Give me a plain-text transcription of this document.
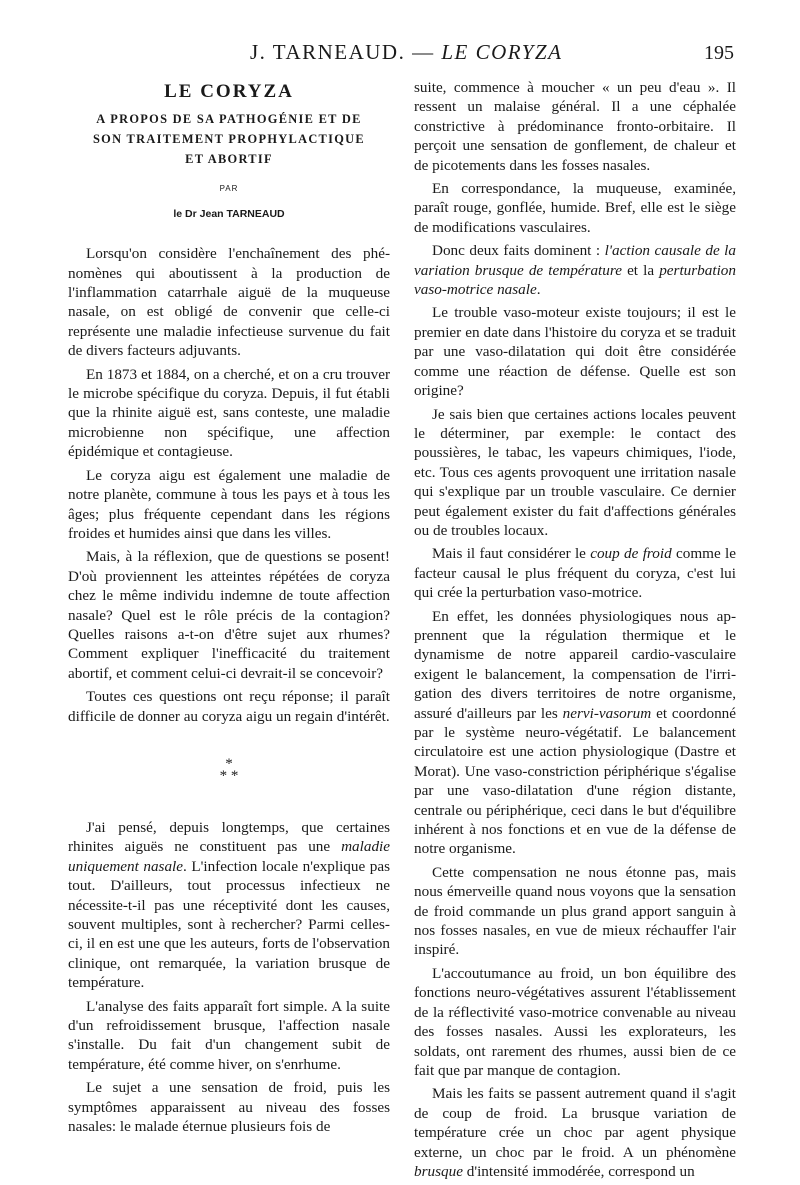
J. TARNEAUD. — LE CORYZA	195
LE CORYZA
A PROPOS DE SA PATHOGÉNIE ET DE
SON TRAITEMENT PROPHYLACTIQUE
ET ABORTIF
PAR
le Dr Jean TARNEAUD

Lorsqu'on considère l'enchaînement des phénomènes qui aboutissent à la production de l'inflammation catarrhale aiguë de la muqueuse nasale, on est obligé de convenir que celle-ci représente une maladie infectieuse survenue du fait de divers facteurs adjuvants.

En 1873 et 1884, on a cherché, et on a cru trouver le microbe spécifique du coryza. Depuis, il fut établi que la rhinite aiguë est, sans conteste, une maladie microbienne non spécifique, une affection épidémique et contagieuse.

Le coryza aigu est également une maladie de notre planète, commune à tous les pays et à tous les âges; plus fréquente cependant dans les régions froides et humides ainsi que dans les villes.

Mais, à la réflexion, que de questions se posent! D'où proviennent les atteintes répétées de coryza chez le même individu indemne de toute affection nasale? Quel est le rôle précis de la contagion? Quelles raisons a-t-on d'être sujet aux rhumes? Comment expliquer l'inefficacité du traitement abortif, et comment celui-ci devrait-il se concevoir?

Toutes ces questions ont reçu réponse; il paraît difficile de donner au coryza aigu un regain d'intérêt.

*
* *

J'ai pensé, depuis longtemps, que certaines rhinites aiguës ne constituent pas une maladie uniquement nasale. L'infection locale n'explique pas tout. D'ailleurs, tout processus infectieux ne nécessite-t-il pas une réceptivité dont les causes, souvent multiples, sont à rechercher? Parmi celles-ci, il en est une que les auteurs, forts de l'observation clinique, ont remarquée, la variation brusque de température.

L'analyse des faits apparaît fort simple. A la suite d'un refroidissement brusque, l'affection nasale s'installe. Du fait d'un changement subit de température, été comme hiver, on s'enrhume.

Le sujet a une sensation de froid, puis les symptômes apparaissent au niveau des fosses nasales: le malade éternue plusieurs fois de

suite, commence à moucher « un peu d'eau ». Il ressent un malaise général. Il a une céphalée constrictive à prédominance fronto-orbitaire. Il perçoit une sensation de gonflement, de chaleur et de picotements dans les fosses nasales.

En correspondance, la muqueuse, examinée, paraît rouge, gonflée, humide. Bref, elle est le siège de modifications vasculaires.

Donc deux faits dominent : l'action causale de la variation brusque de température et la perturbation vaso-motrice nasale.

Le trouble vaso-moteur existe toujours; il est le premier en date dans l'histoire du coryza et se traduit par une vaso-dilatation qui doit être considérée comme une réaction de défense. Quelle est son origine?

Je sais bien que certaines actions locales peuvent le déterminer, par exemple: le contact des poussières, le tabac, les vapeurs chimiques, l'iode, etc. Tous ces agents provoquent une irritation nasale qui s'explique par un trouble vasculaire. Ce dernier peut également exister du fait d'affections générales ou de troubles locaux.

Mais il faut considérer le coup de froid comme le facteur causal le plus fréquent du coryza, c'est lui qui crée la perturbation vaso-motrice.

En effet, les données physiologiques nous apprennent que la régulation thermique et le dynamisme de notre appareil cardio-vasculaire exigent le balancement, la compensation de l'irrigation des divers territoires de notre organisme, assuré d'ailleurs par les nervi-vasorum et coordonné par le système neuro-végétatif. Le balancement circulatoire est une action physiologique (Dastre et Morat). Une vaso-constriction périphérique s'égalise par une vaso-dilatation d'une région distante, centrale ou périphérique, ceci dans le but d'équilibre inhérent à nos fonctions et en vue de la défense de notre organisme.

Cette compensation ne nous étonne pas, mais nous émerveille quand nous voyons que la sensation de froid commande un plus grand apport sanguin à nos fosses nasales, en vue de mieux réchauffer l'air inspiré.

L'accoutumance au froid, un bon équilibre des fonctions neuro-végétatives assurent l'établissement de la réflectivité vaso-motrice convenable au niveau des fosses nasales. Aussi les explorateurs, les soldats, ont rarement des rhumes, aussi bien de ce fait que par manque de contagion.

Mais les faits se passent autrement quand il s'agit de coup de froid. La brusque variation de température crée un choc par agent physique externe, un choc par le froid. A un phénomène brusque d'intensité immodérée, correspond un
